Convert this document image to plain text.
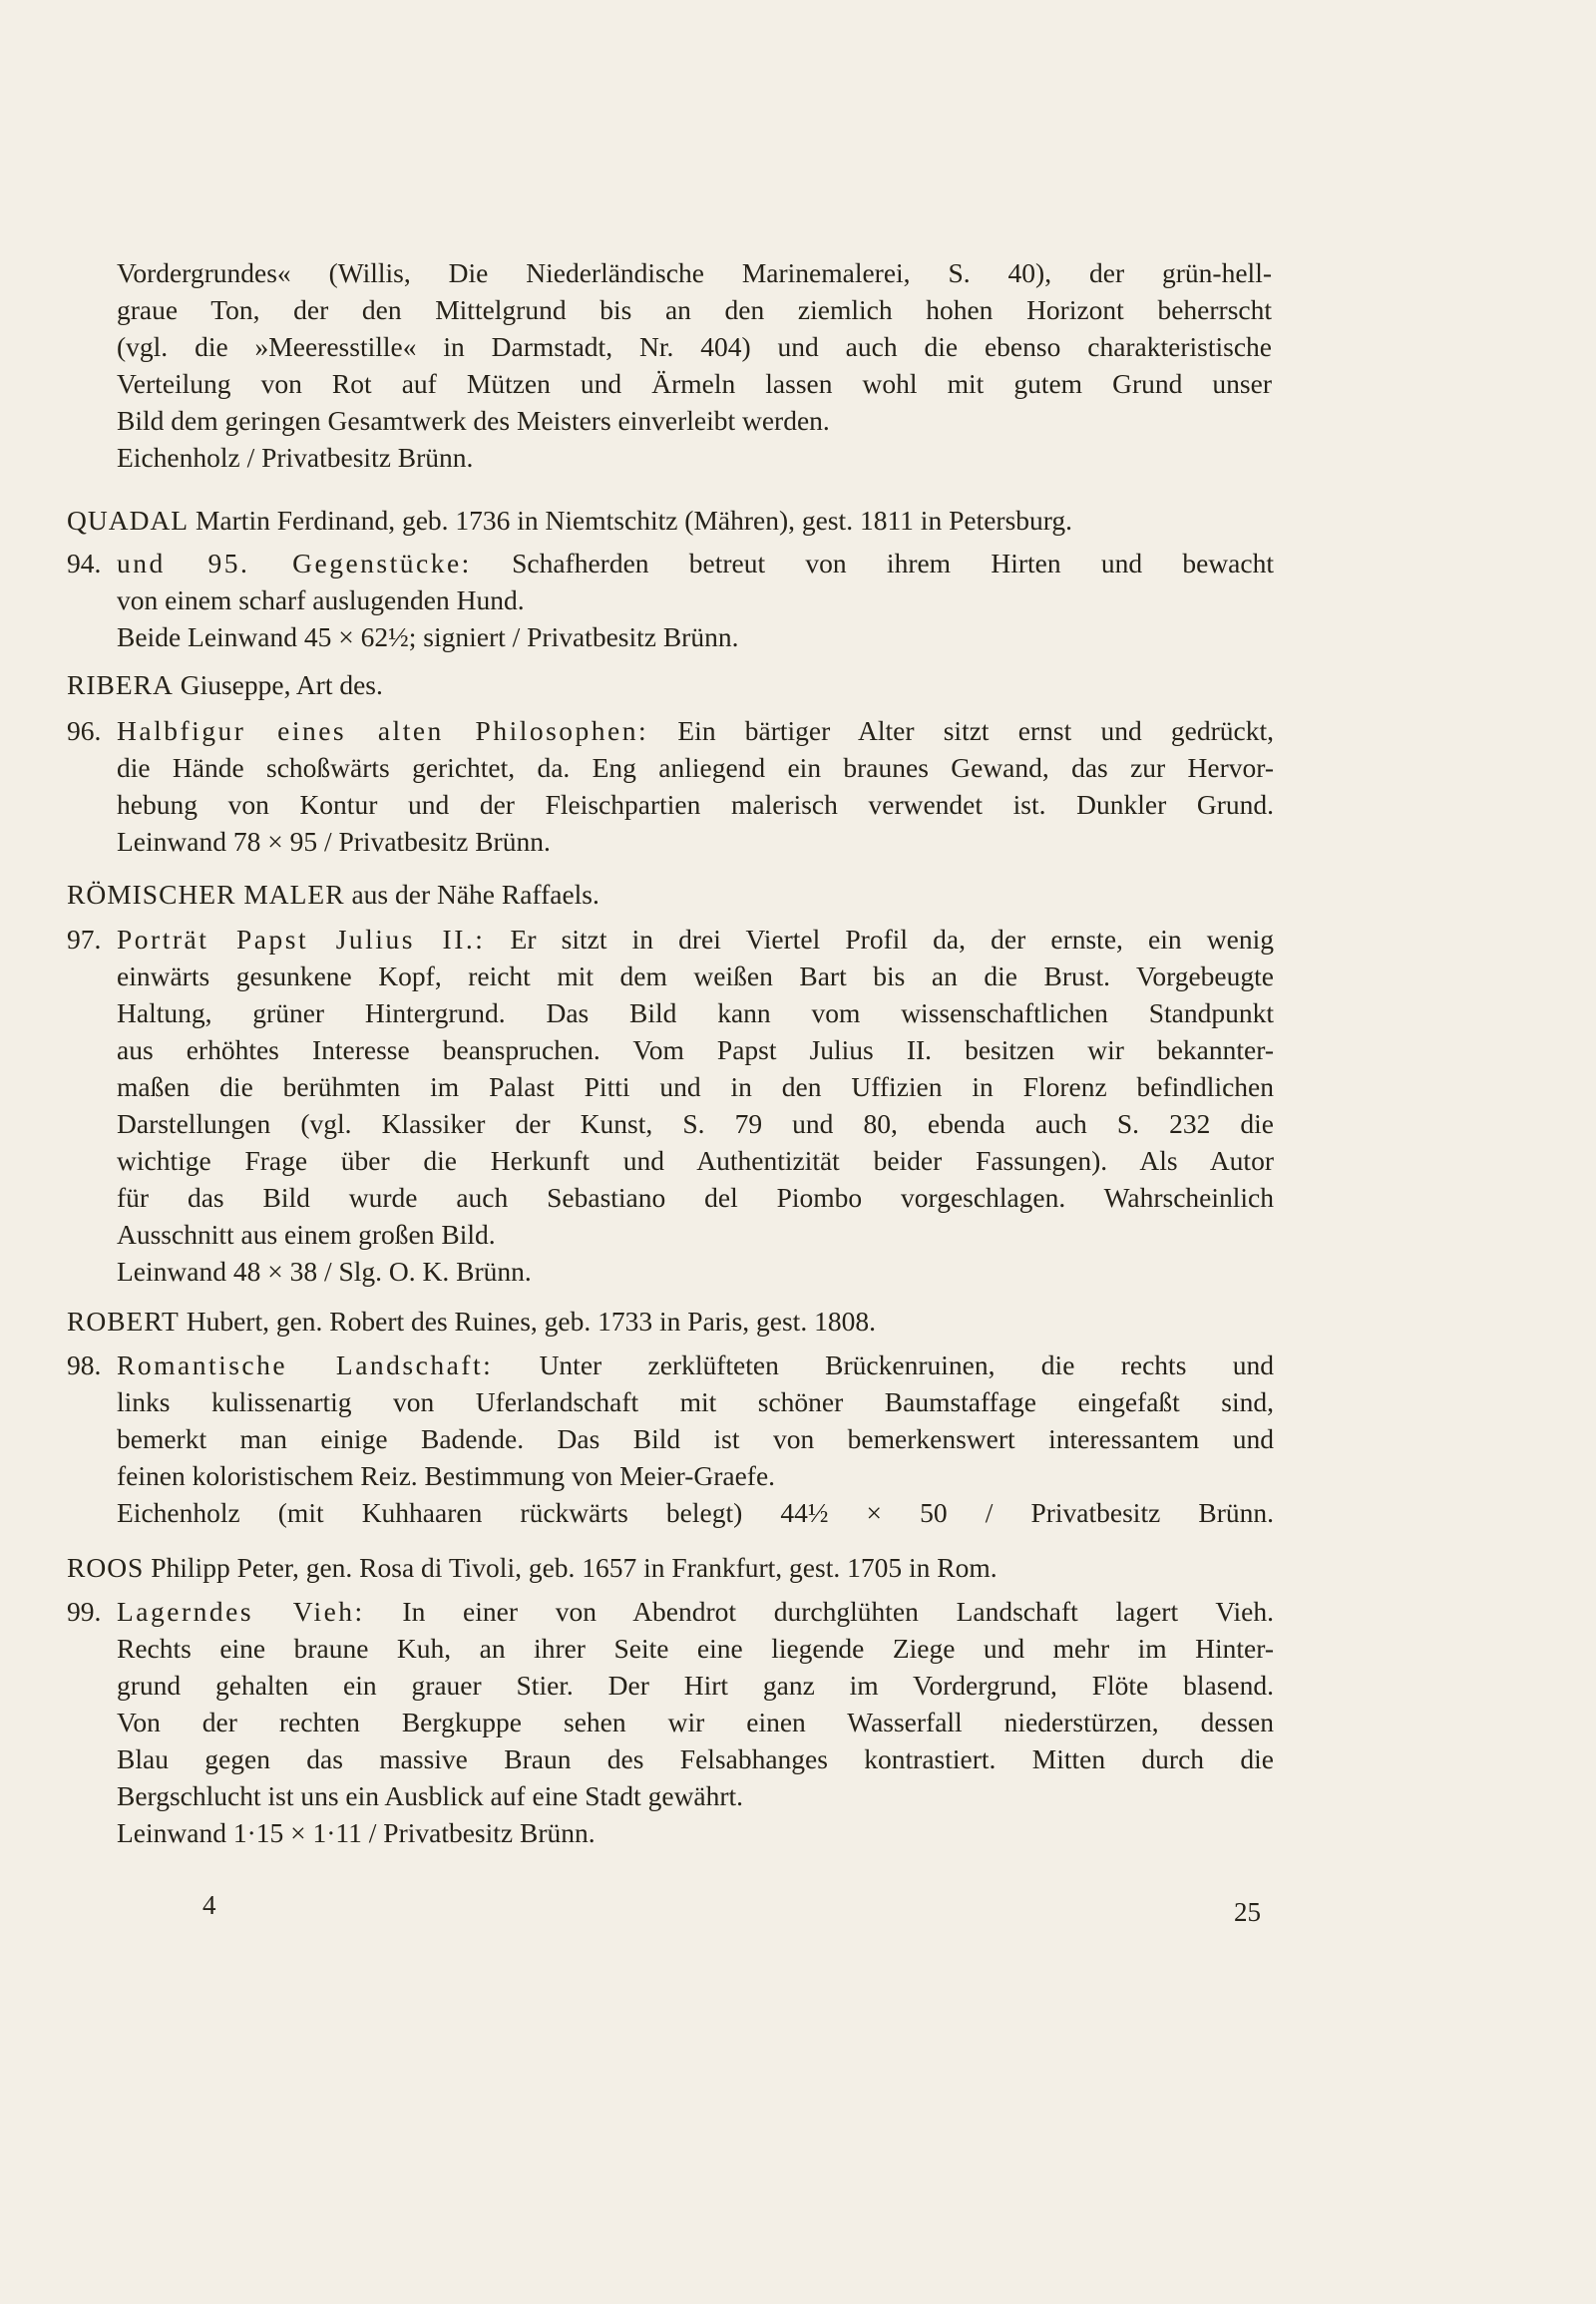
Vordergrundes« (Willis, Die Niederländische Marinemalerei, S. 40), der grün-hell-

graue Ton, der den Mittelgrund bis an den ziemlich hohen Horizont beherrscht

(vgl. die »Meeresstille« in Darmstadt, Nr. 404) und auch die ebenso charakteristische

Verteilung von Rot auf Mützen und Ärmeln lassen wohl mit gutem Grund unser

Bild dem geringen Gesamtwerk des Meisters einverleibt werden.

Eichenholz / Privatbesitz Brünn.

QUADAL Martin Ferdinand, geb. 1736 in Niemtschitz (Mähren), gest. 1811 in Petersburg.
94. und 95. Gegenstücke: Schafherden betreut von ihrem Hirten und bewacht

von einem scharf auslugenden Hund.

Beide Leinwand 45 × 62½; signiert / Privatbesitz Brünn.

RIBERA Giuseppe, Art des.
96. Halbfigur eines alten Philosophen: Ein bärtiger Alter sitzt ernst und gedrückt,

die Hände schoßwärts gerichtet, da. Eng anliegend ein braunes Gewand, das zur Hervor-

hebung von Kontur und der Fleischpartien malerisch verwendet ist. Dunkler Grund.

Leinwand 78 × 95 / Privatbesitz Brünn.

RÖMISCHER MALER aus der Nähe Raffaels.
97. Porträt Papst Julius II.: Er sitzt in drei Viertel Profil da, der ernste, ein wenig

einwärts gesunkene Kopf, reicht mit dem weißen Bart bis an die Brust. Vorgebeugte

Haltung, grüner Hintergrund. Das Bild kann vom wissenschaftlichen Standpunkt

aus erhöhtes Interesse beanspruchen. Vom Papst Julius II. besitzen wir bekannter-

maßen die berühmten im Palast Pitti und in den Uffizien in Florenz befindlichen

Darstellungen (vgl. Klassiker der Kunst, S. 79 und 80, ebenda auch S. 232 die

wichtige Frage über die Herkunft und Authentizität beider Fassungen). Als Autor

für das Bild wurde auch Sebastiano del Piombo vorgeschlagen. Wahrscheinlich

Ausschnitt aus einem großen Bild.

Leinwand 48 × 38 / Slg. O. K. Brünn.

ROBERT Hubert, gen. Robert des Ruines, geb. 1733 in Paris, gest. 1808.
98. Romantische Landschaft: Unter zerklüfteten Brückenruinen, die rechts und

links kulissenartig von Uferlandschaft mit schöner Baumstaffage eingefaßt sind,

bemerkt man einige Badende. Das Bild ist von bemerkenswert interessantem und

feinen koloristischem Reiz. Bestimmung von Meier-Graefe.

Eichenholz (mit Kuhhaaren rückwärts belegt) 44½ × 50 / Privatbesitz Brünn.

ROOS Philipp Peter, gen. Rosa di Tivoli, geb. 1657 in Frankfurt, gest. 1705 in Rom.
99. Lagerndes Vieh: In einer von Abendrot durchglühten Landschaft lagert Vieh.

Rechts eine braune Kuh, an ihrer Seite eine liegende Ziege und mehr im Hinter-

grund gehalten ein grauer Stier. Der Hirt ganz im Vordergrund, Flöte blasend.

Von der rechten Bergkuppe sehen wir einen Wasserfall niederstürzen, dessen

Blau gegen das massive Braun des Felsabhanges kontrastiert. Mitten durch die

Bergschlucht ist uns ein Ausblick auf eine Stadt gewährt.

Leinwand 1·15 × 1·11 / Privatbesitz Brünn.

4	25
